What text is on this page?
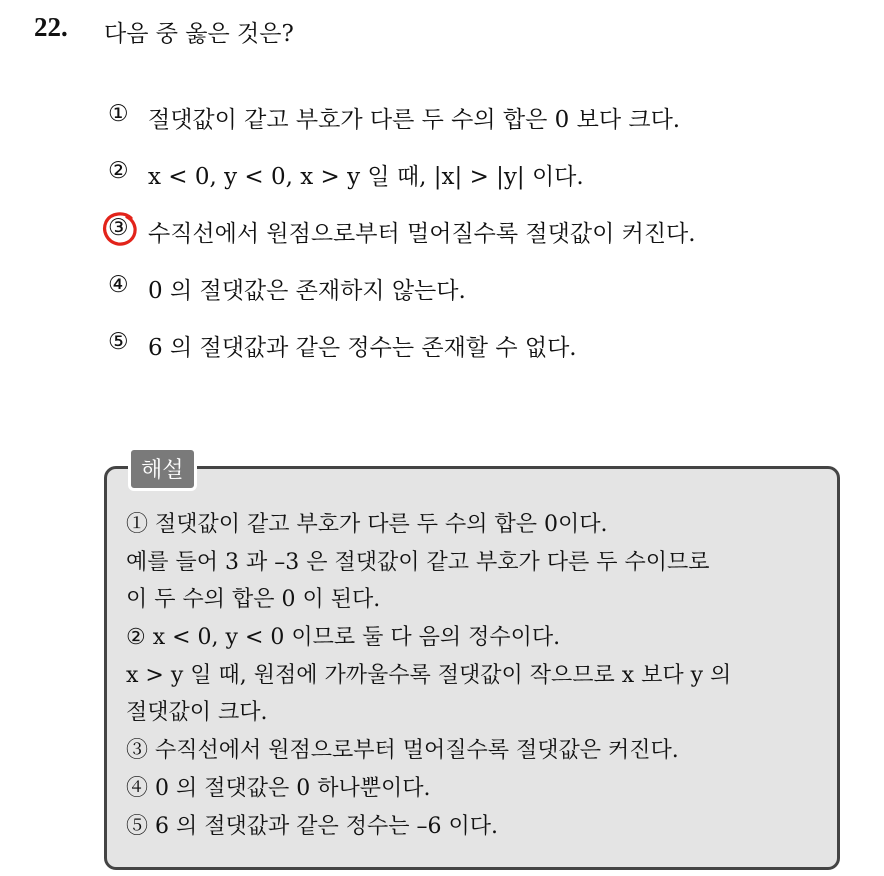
22. 다음 중 옳은 것은?
① 절댓값이 같고 부호가 다른 두 수의 합은 0 보다 크다.
② x < 0, y < 0, x > y 일 때, |x| > |y| 이다.
③ 수직선에서 원점으로부터 멀어질수록 절댓값이 커진다.
④ 0 의 절댓값은 존재하지 않는다.
⑤ 6 의 절댓값과 같은 정수는 존재할 수 없다.
해설
① 절댓값이 같고 부호가 다른 두 수의 합은 0이다.
예를 들어 3 과 –3 은 절댓값이 같고 부호가 다른 두 수이므로
이 두 수의 합은 0 이 된다.
② x < 0, y < 0 이므로 둘 다 음의 정수이다.
x > y 일 때, 원점에 가까울수록 절댓값이 작으므로 x 보다 y 의
절댓값이 크다.
③ 수직선에서 원점으로부터 멀어질수록 절댓값은 커진다.
④ 0 의 절댓값은 0 하나뿐이다.
⑤ 6 의 절댓값과 같은 정수는 –6 이다.
